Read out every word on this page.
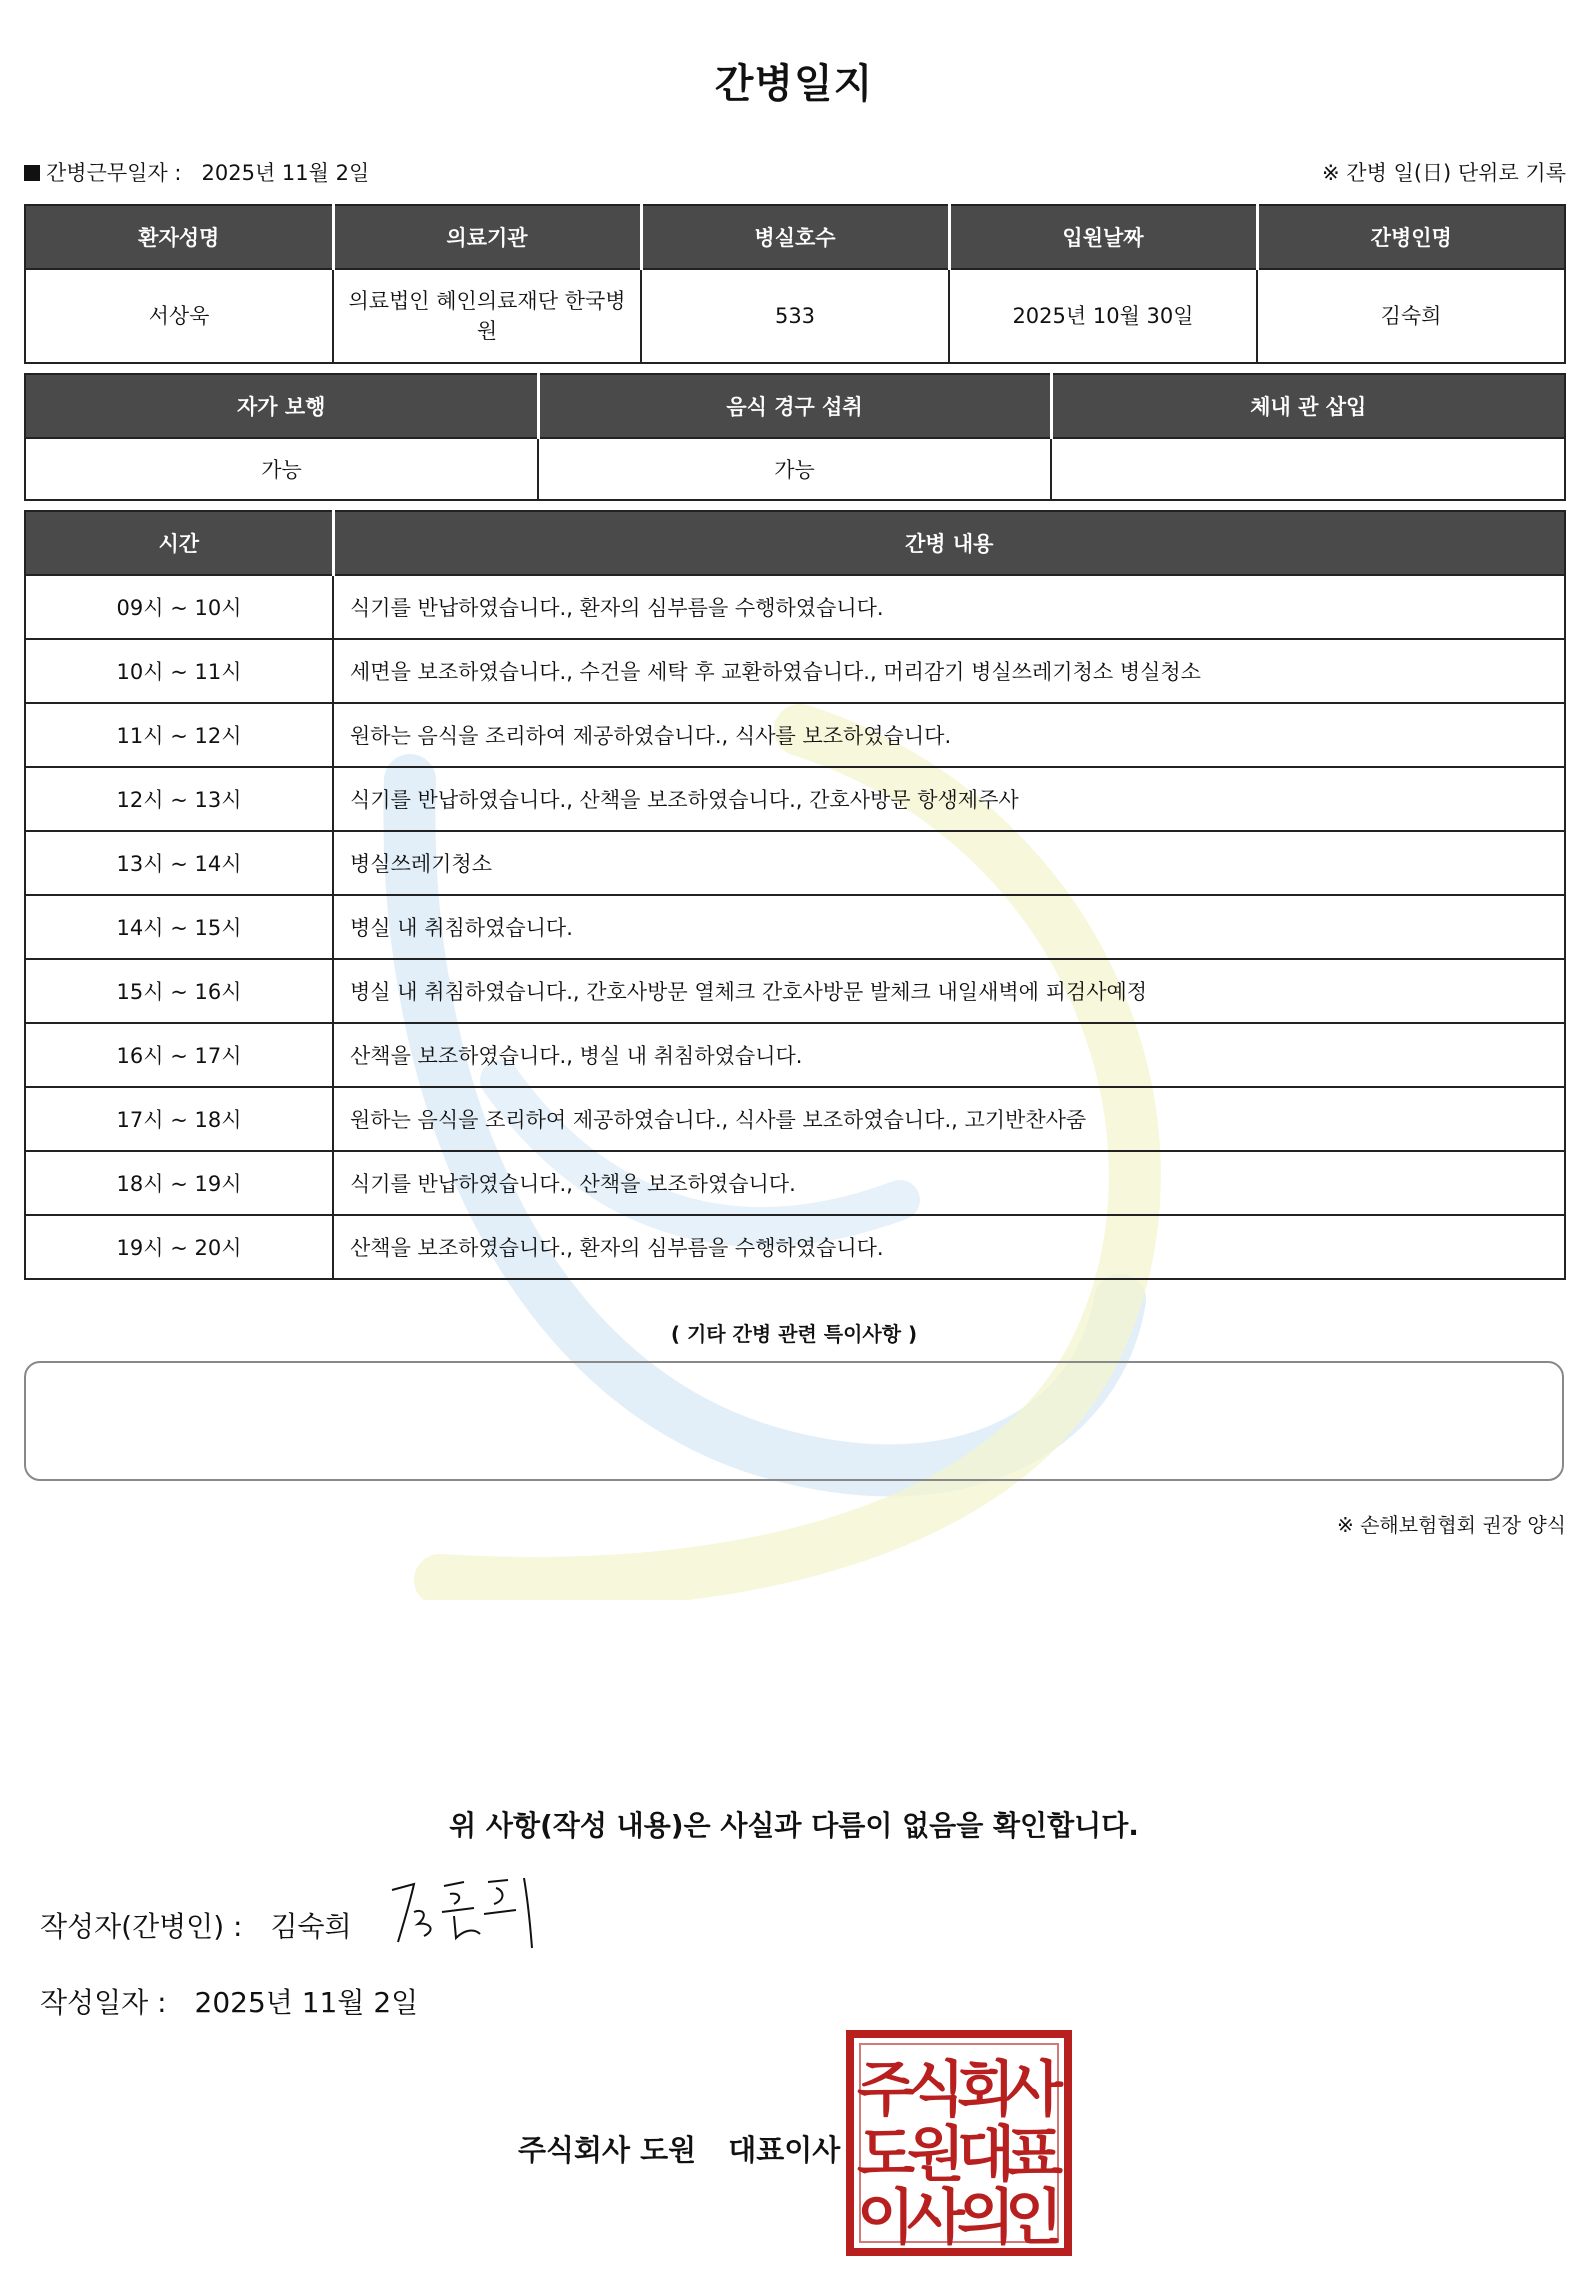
간병일지
간병근무일자 : 2025년 11월 2일	※ 간병 일(日) 단위로 기록
환자성명	의료기관	병실호수	입원날짜	간병인명
서상욱	의료법인 혜인의료재단 한국병원	533	2025년 10월 30일	김숙희
자가 보행	음식 경구 섭취	체내 관 삽입
가능	가능	
시간	간병 내용
09시 ~ 10시	식기를 반납하였습니다., 환자의 심부름을 수행하였습니다.
10시 ~ 11시	세면을 보조하였습니다., 수건을 세탁 후 교환하였습니다., 머리감기 병실쓰레기청소 병실청소
11시 ~ 12시	원하는 음식을 조리하여 제공하였습니다., 식사를 보조하였습니다.
12시 ~ 13시	식기를 반납하였습니다., 산책을 보조하였습니다., 간호사방문 항생제주사
13시 ~ 14시	병실쓰레기청소
14시 ~ 15시	병실 내 취침하였습니다.
15시 ~ 16시	병실 내 취침하였습니다., 간호사방문 열체크 간호사방문 발체크 내일새벽에 피검사예정
16시 ~ 17시	산책을 보조하였습니다., 병실 내 취침하였습니다.
17시 ~ 18시	원하는 음식을 조리하여 제공하였습니다., 식사를 보조하였습니다., 고기반찬사줌
18시 ~ 19시	식기를 반납하였습니다., 산책을 보조하였습니다.
19시 ~ 20시	산책을 보조하였습니다., 환자의 심부름을 수행하였습니다.
( 기타 간병 관련 특이사항 )
※ 손해보험협회 권장 양식
위 사항(작성 내용)은 사실과 다름이 없음을 확인합니다.
작성자(간병인) : 김숙희
작성일자 : 2025년 11월 2일
주식회사 도원 대표이사
주
식
회
사
도
원
대
표
이
사
의
인
